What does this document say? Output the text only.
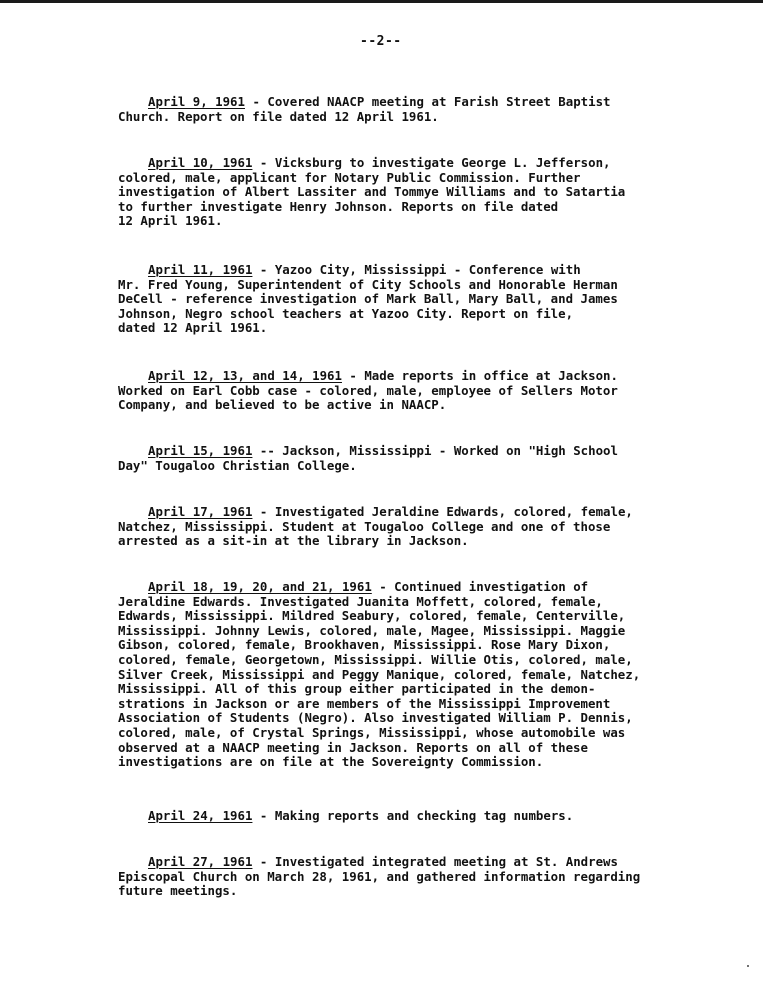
--2--
April 9, 1961 - Covered NAACP meeting at Farish Street Baptist
Church. Report on file dated 12 April 1961.
April 10, 1961 - Vicksburg to investigate George L. Jefferson,
colored, male, applicant for Notary Public Commission. Further
investigation of Albert Lassiter and Tommye Williams and to Satartia
to further investigate Henry Johnson. Reports on file dated
12 April 1961.
April 11, 1961 - Yazoo City, Mississippi - Conference with
Mr. Fred Young, Superintendent of City Schools and Honorable Herman
DeCell - reference investigation of Mark Ball, Mary Ball, and James
Johnson, Negro school teachers at Yazoo City. Report on file,
dated 12 April 1961.
April 12, 13, and 14, 1961 - Made reports in office at Jackson.
Worked on Earl Cobb case - colored, male, employee of Sellers Motor
Company, and believed to be active in NAACP.
April 15, 1961 -- Jackson, Mississippi - Worked on "High School
Day" Tougaloo Christian College.
April 17, 1961 - Investigated Jeraldine Edwards, colored, female,
Natchez, Mississippi. Student at Tougaloo College and one of those
arrested as a sit-in at the library in Jackson.
April 18, 19, 20, and 21, 1961 - Continued investigation of
Jeraldine Edwards. Investigated Juanita Moffett, colored, female,
Edwards, Mississippi. Mildred Seabury, colored, female, Centerville,
Mississippi. Johnny Lewis, colored, male, Magee, Mississippi. Maggie
Gibson, colored, female, Brookhaven, Mississippi. Rose Mary Dixon,
colored, female, Georgetown, Mississippi. Willie Otis, colored, male,
Silver Creek, Mississippi and Peggy Manique, colored, female, Natchez,
Mississippi. All of this group either participated in the demon-
strations in Jackson or are members of the Mississippi Improvement
Association of Students (Negro). Also investigated William P. Dennis,
colored, male, of Crystal Springs, Mississippi, whose automobile was
observed at a NAACP meeting in Jackson. Reports on all of these
investigations are on file at the Sovereignty Commission.
April 24, 1961 - Making reports and checking tag numbers.
April 27, 1961 - Investigated integrated meeting at St. Andrews
Episcopal Church on March 28, 1961, and gathered information regarding
future meetings.
